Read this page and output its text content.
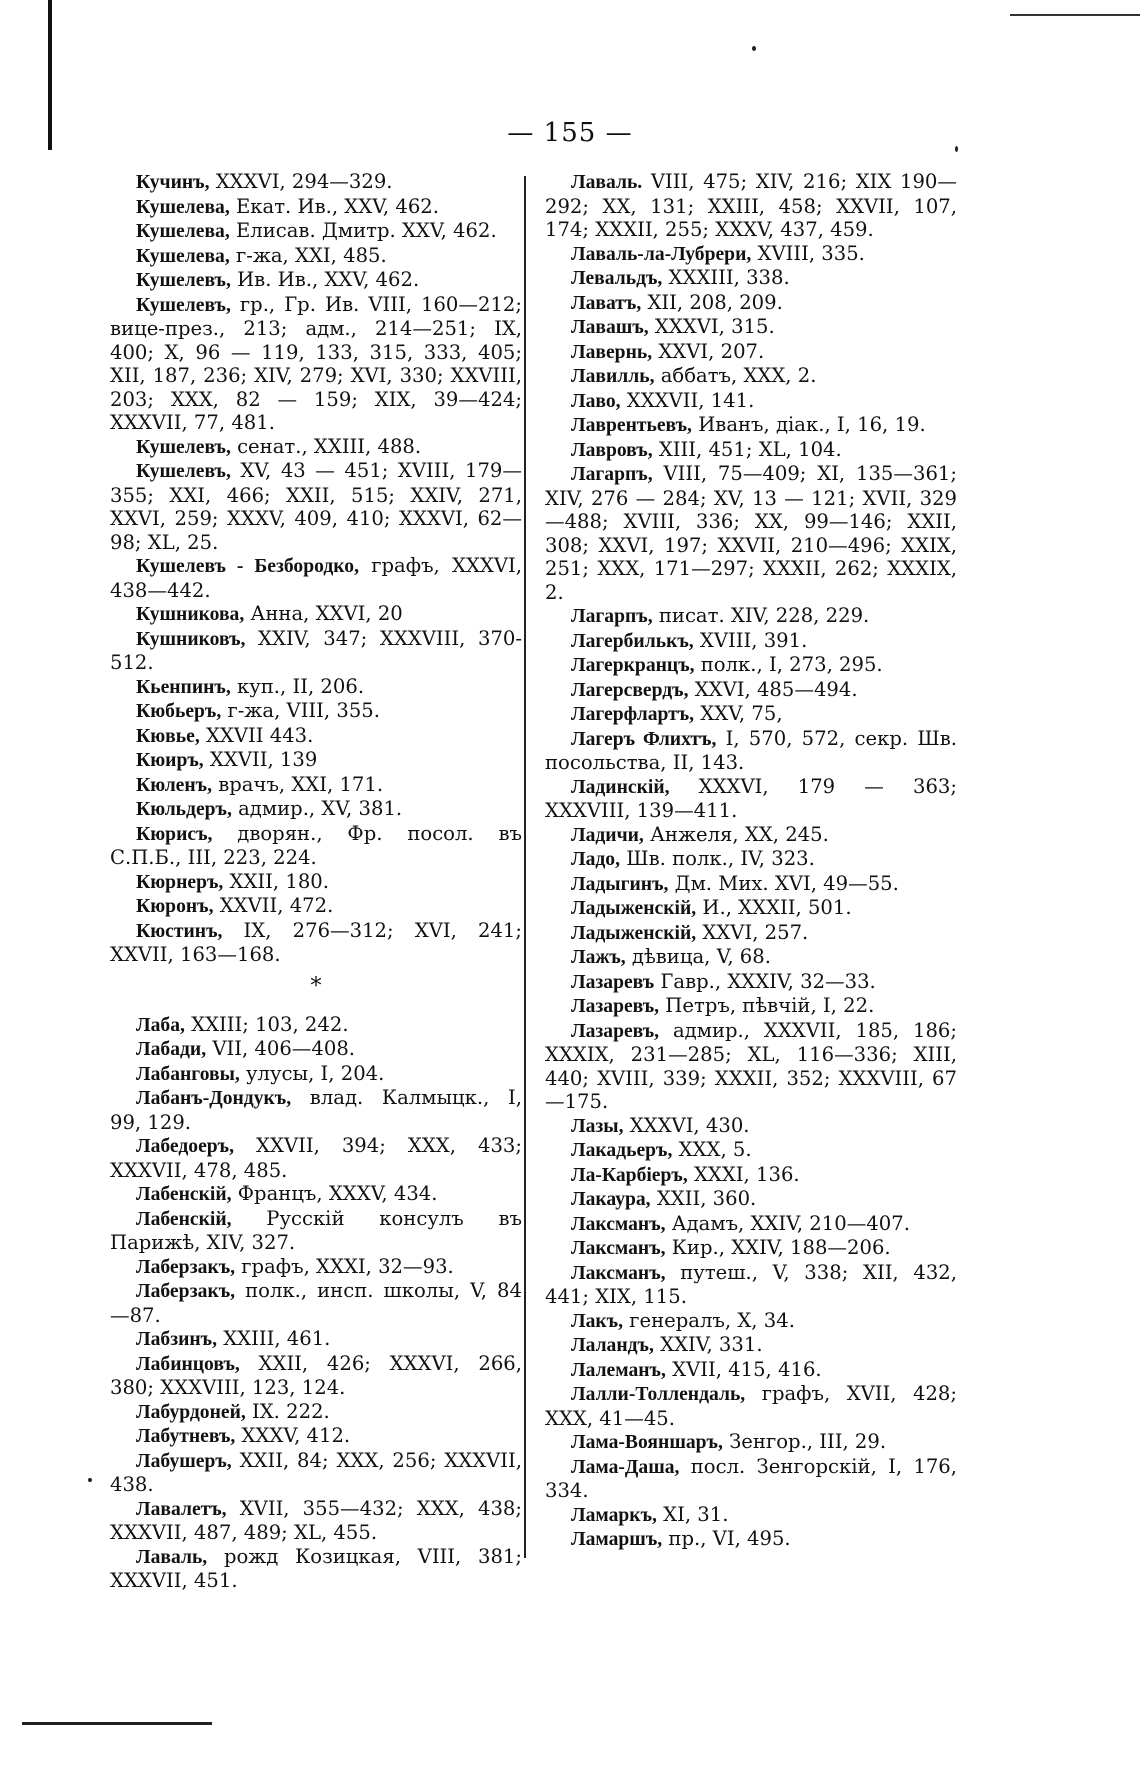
— 155 —

Кучинъ, XXXVI, 294—329.

Кушелева, Екат. Ив., XXV, 462.

Кушелева, Елисав. Дмитр. XXV, 462.

Кушелева, г-жа, XXI, 485.

Кушелевъ, Ив. Ив., XXV, 462.

Кушелевъ, гр., Гр. Ив. VIII, 160—212; вице-през., 213; адм., 214—251; IX, 400; X, 96 — 119, 133, 315, 333, 405; XII, 187, 236; XIV, 279; XVI, 330; XXVIII, 203; XXX, 82 — 159; XIX, 39—424; XXXVII, 77, 481.

Кушелевъ, сенат., XXIII, 488.

Кушелевъ, XV, 43 — 451; XVIII, 179—355; XXI, 466; XXII, 515; XXIV, 271, XXVI, 259; XXXV, 409, 410; XXXVI, 62—98; XL, 25.

Кушелевъ - Безбородко, графъ, XXXVI, 438—442.

Кушникова, Анна, XXVI, 20

Кушниковъ, XXIV, 347; XXXVIII, 370-512.

Кьенпинъ, куп., II, 206.

Кюбьеръ, г-жа, VIII, 355.

Кювье, XXVII 443.

Кюиръ, XXVII, 139

Кюленъ, врачъ, XXI, 171.

Кюльдеръ, адмир., XV, 381.

Кюрисъ, дворян., Фр. посол. въ С.П.Б., III, 223, 224.

Кюрнеръ, XXII, 180.

Кюронъ, XXVII, 472.

Кюстинъ, IX, 276—312; XVI, 241; XXVII, 163—168.

*

Лаба, XXIII; 103, 242.

Лабади, VII, 406—408.

Лабанговы, улусы, I, 204.

Лабанъ-Дондукъ, влад. Калмыцк., I, 99, 129.

Лабедоеръ, XXVII, 394; XXX, 433; XXXVII, 478, 485.

Лабенскій, Францъ, XXXV, 434.

Лабенскій, Русскій консулъ въ Парижѣ, XIV, 327.

Лаберзакъ, графъ, XXXI, 32—93.

Лаберзакъ, полк., инсп. школы, V, 84—87.

Лабзинъ, XXIII, 461.

Лабинцовъ, XXII, 426; XXXVI, 266, 380; XXXVIII, 123, 124.

Лабурдоней, IX. 222.

Лабутневъ, XXXV, 412.

Лабушеръ, XXII, 84; XXX, 256; XXXVII, 438.

Лавалетъ, XVII, 355—432; XXX, 438; XXXVII, 487, 489; XL, 455.

Лаваль, рожд Козицкая, VIII, 381; XXXVII, 451.

Лаваль. VIII, 475; XIV, 216; XIX 190—292; XX, 131; XXIII, 458; XXVII, 107, 174; XXXII, 255; XXXV, 437, 459.

Лаваль-ла-Лубрери, XVIII, 335.

Левальдъ, XXXIII, 338.

Лаватъ, XII, 208, 209.

Лавашъ, XXXVI, 315.

Лавернь, XXVI, 207.

Лавилль, аббатъ, XXX, 2.

Лаво, XXXVII, 141.

Лаврентьевъ, Иванъ, діак., I, 16, 19.

Лавровъ, XIII, 451; XL, 104.

Лагарпъ, VIII, 75—409; XI, 135—361; XIV, 276 — 284; XV, 13 — 121; XVII, 329—488; XVIII, 336; XX, 99—146; XXII, 308; XXVI, 197; XXVII, 210—496; XXIX, 251; XXX, 171—297; XXXII, 262; XXXIX, 2.

Лагарпъ, писат. XIV, 228, 229.

Лагербилькъ, XVIII, 391.

Лагеркранцъ, полк., I, 273, 295.

Лагерсвердъ, XXVI, 485—494.

Лагерфлартъ, XXV, 75,

Лагеръ Флихтъ, I, 570, 572, секр. Шв. посольства, II, 143.

Ладинскій, XXXVI, 179 — 363; XXXVIII, 139—411.

Ладичи, Анжеля, XX, 245.

Ладо, Шв. полк., IV, 323.

Ладыгинъ, Дм. Мих. XVI, 49—55.

Ладыженскій, И., XXXII, 501.

Ладыженскій, XXVI, 257.

Лажъ, дѣвица, V, 68.

Лазаревъ Гавр., XXXIV, 32—33.

Лазаревъ, Петръ, пѣвчій, I, 22.

Лазаревъ, адмир., XXXVII, 185, 186; XXXIX, 231—285; XL, 116—336; XIII, 440; XVIII, 339; XXXII, 352; XXXVIII, 67—175.

Лазы, XXXVI, 430.

Лакадьеръ, XXX, 5.

Ла-Карбіеръ, XXXI, 136.

Лакаура, XXII, 360.

Лаксманъ, Адамъ, XXIV, 210—407.

Лаксманъ, Кир., XXIV, 188—206.

Лаксманъ, путеш., V, 338; XII, 432, 441; XIX, 115.

Лакъ, генералъ, X, 34.

Лаландъ, XXIV, 331.

Лалеманъ, XVII, 415, 416.

Лалли-Толлендаль, графъ, XVII, 428; XXX, 41—45.

Лама-Вояншаръ, Зенгор., III, 29.

Лама-Даша, посл. Зенгорскій, I, 176, 334.

Ламаркъ, XI, 31.

Ламаршъ, пр., VI, 495.
